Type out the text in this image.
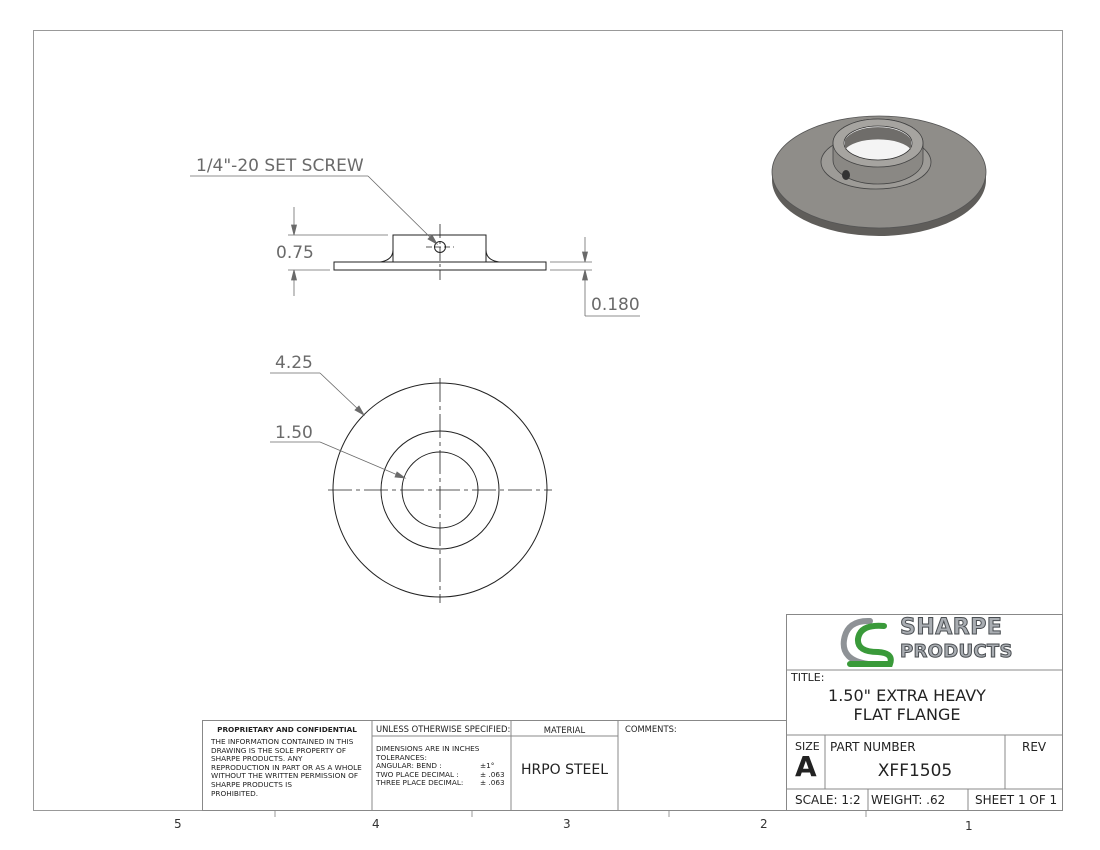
1/4"-20 SET SCREW
0.75
0.180
4.25
1.50
5	4	3	2	1
SHARPE
PRODUCTS
TITLE:
1.50" EXTRA HEAVY
FLAT FLANGE
SIZE
A
PART NUMBER
XFF1505
REV
SCALE: 1:2 WEIGHT: .62 SHEET 1 OF 1
PROPRIETARY AND CONFIDENTIAL
THE INFORMATION CONTAINED IN THIS
DRAWING IS THE SOLE PROPERTY OF
SHARPE PRODUCTS. ANY
REPRODUCTION IN PART OR AS A WHOLE
WITHOUT THE WRITTEN PERMISSION OF
SHARPE PRODUCTS IS
PROHIBITED.
UNLESS OTHERWISE SPECIFIED:
DIMENSIONS ARE IN INCHES
TOLERANCES:
ANGULAR: BEND :	±1°
TWO PLACE DECIMAL :	± .063
THREE PLACE DECIMAL: ± .063
MATERIAL
HRPO STEEL
COMMENTS:
